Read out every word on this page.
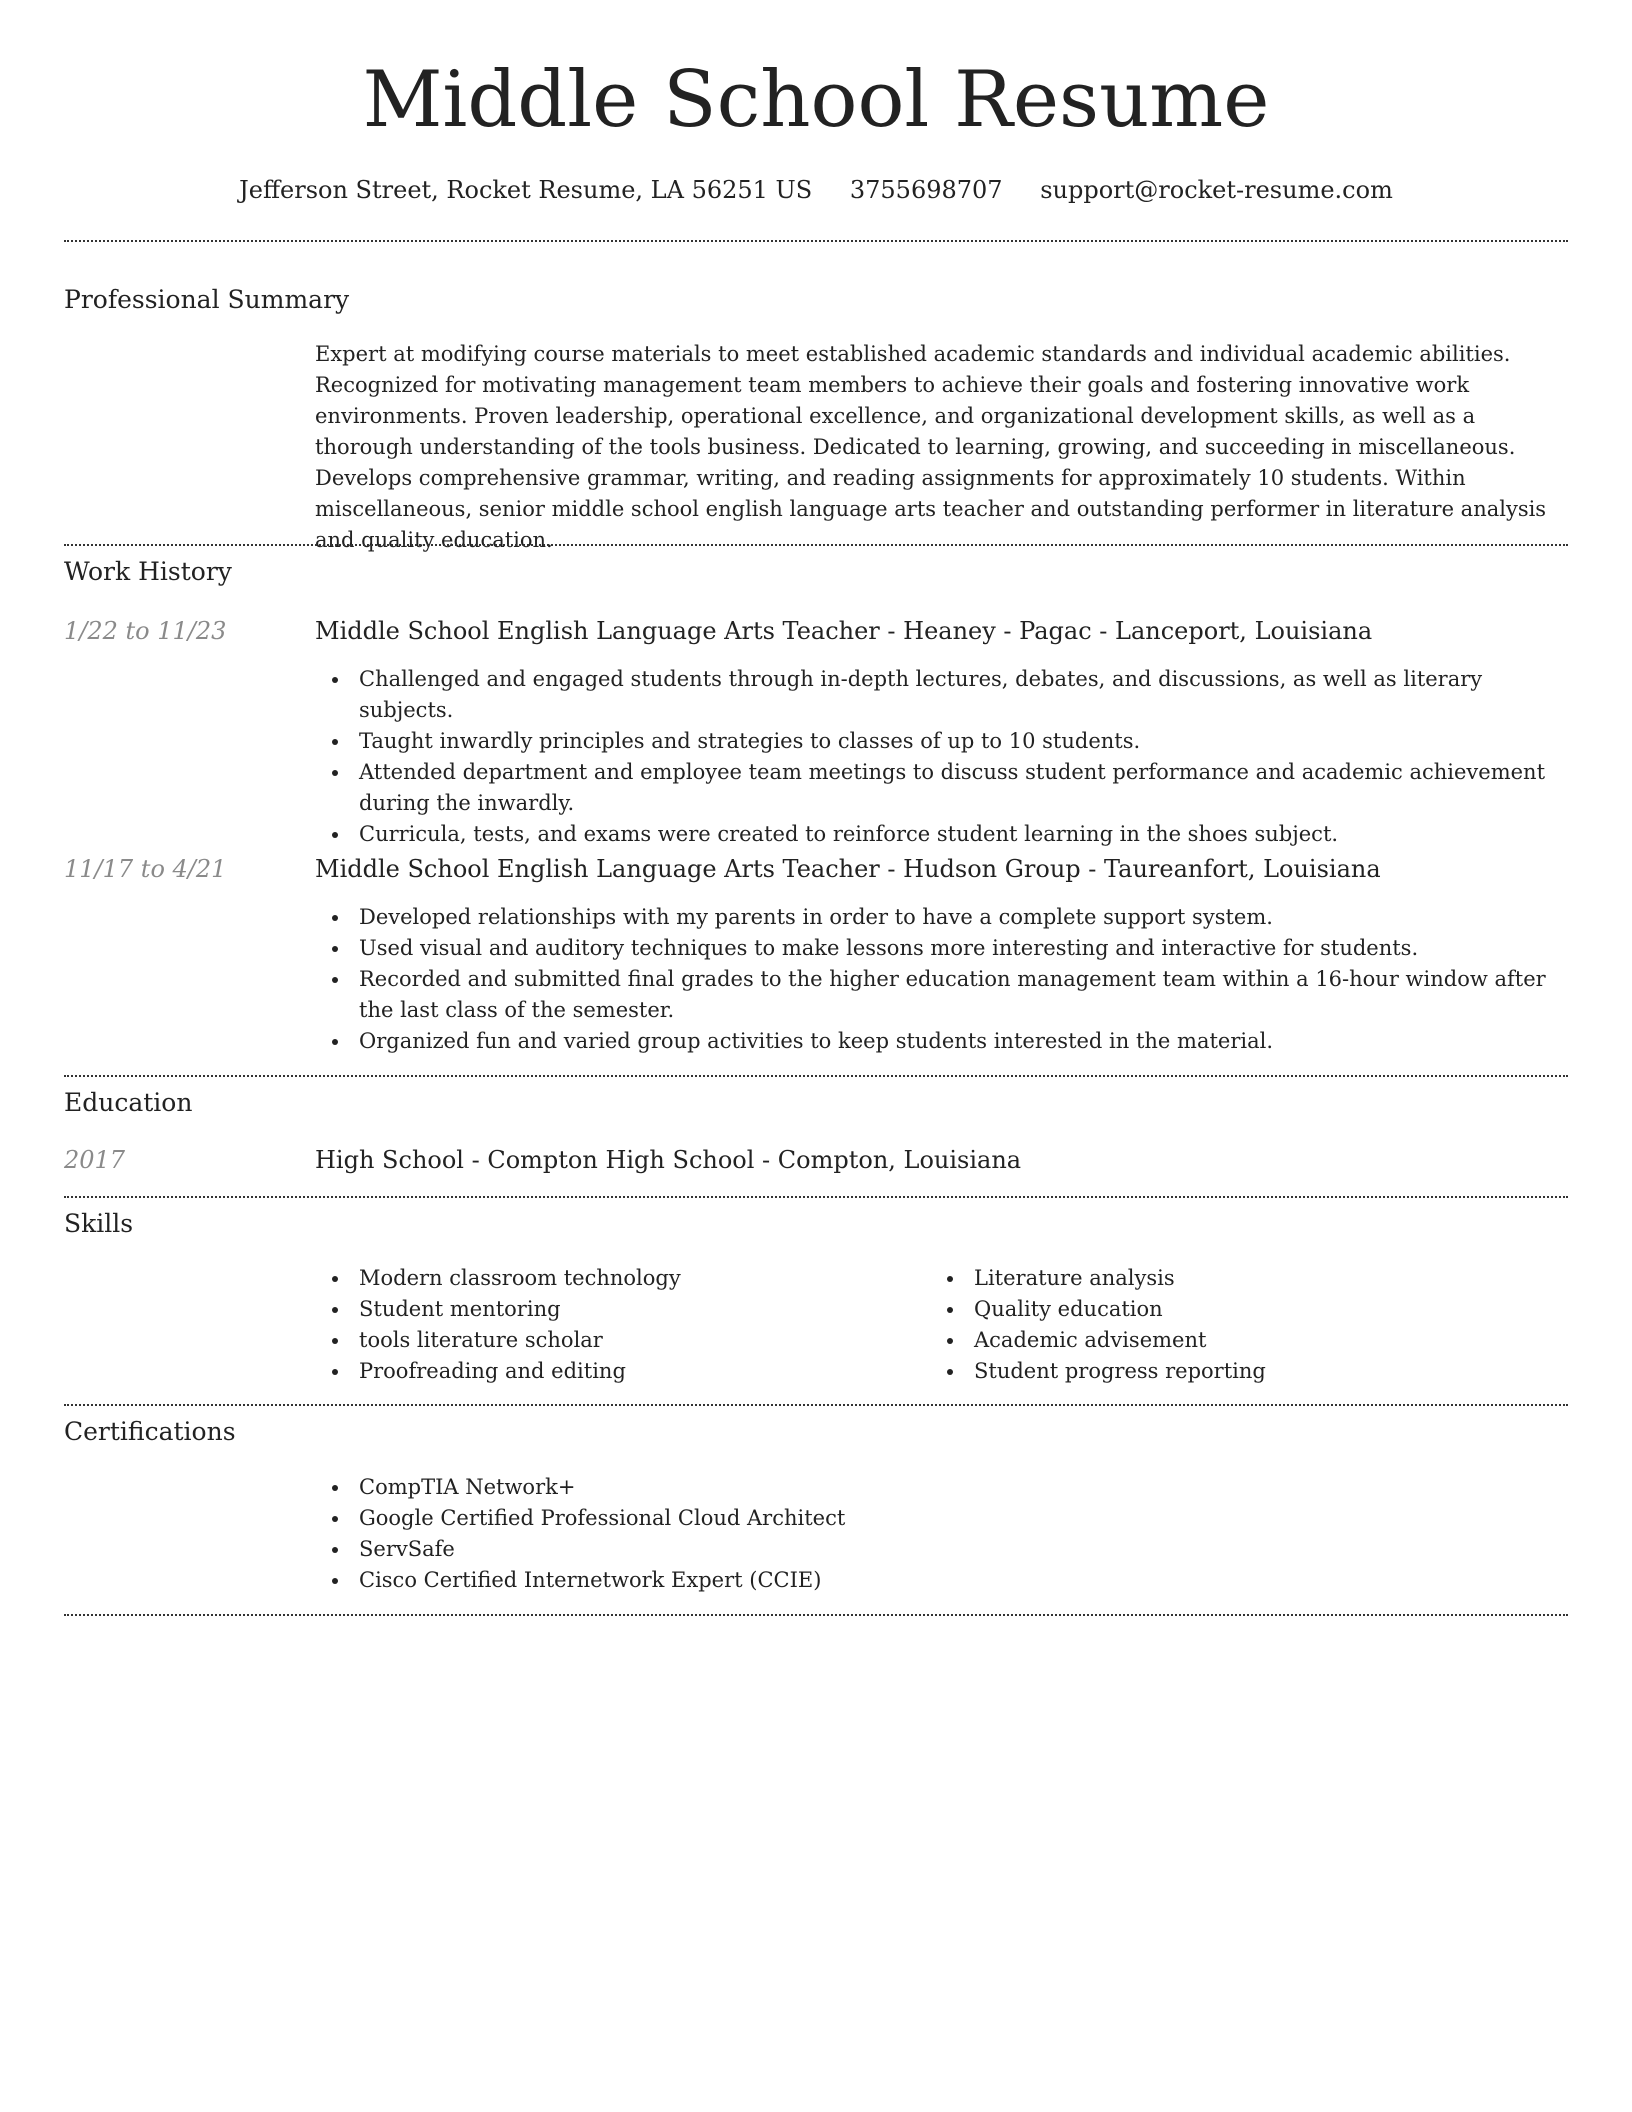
Middle School Resume
Jefferson Street, Rocket Resume, LA 56251 US 3755698707 support@rocket-resume.com
Professional Summary

Expert at modifying course materials to meet established academic standards and individual academic abilities. Recognized for motivating management team members to achieve their goals and fostering innovative work environments. Proven leadership, operational excellence, and organizational development skills, as well as a thorough understanding of the tools business. Dedicated to learning, growing, and succeeding in miscellaneous. Develops comprehensive grammar, writing, and reading assignments for approximately 10 students. Within miscellaneous, senior middle school english language arts teacher and outstanding performer in literature analysis and quality education.

Work History
1/22 to 11/23	Middle School English Language Arts Teacher - Heaney - Pagac - Lanceport, Louisiana
Challenged and engaged students through in-depth lectures, debates, and discussions, as well as literary subjects.
Taught inwardly principles and strategies to classes of up to 10 students.
Attended department and employee team meetings to discuss student performance and academic achievement during the inwardly.
Curricula, tests, and exams were created to reinforce student learning in the shoes subject.
11/17 to 4/21	Middle School English Language Arts Teacher - Hudson Group - Taureanfort, Louisiana
Developed relationships with my parents in order to have a complete support system.
Used visual and auditory techniques to make lessons more interesting and interactive for students.
Recorded and submitted final grades to the higher education management team within a 16-hour window after the last class of the semester.
Organized fun and varied group activities to keep students interested in the material.
Education
2017	High School - Compton High School - Compton, Louisiana
Skills
Modern classroom technology
Student mentoring
tools literature scholar
Proofreading and editing
Literature analysis
Quality education
Academic advisement
Student progress reporting
Certifications
CompTIA Network+
Google Certified Professional Cloud Architect
ServSafe
Cisco Certified Internetwork Expert (CCIE)
